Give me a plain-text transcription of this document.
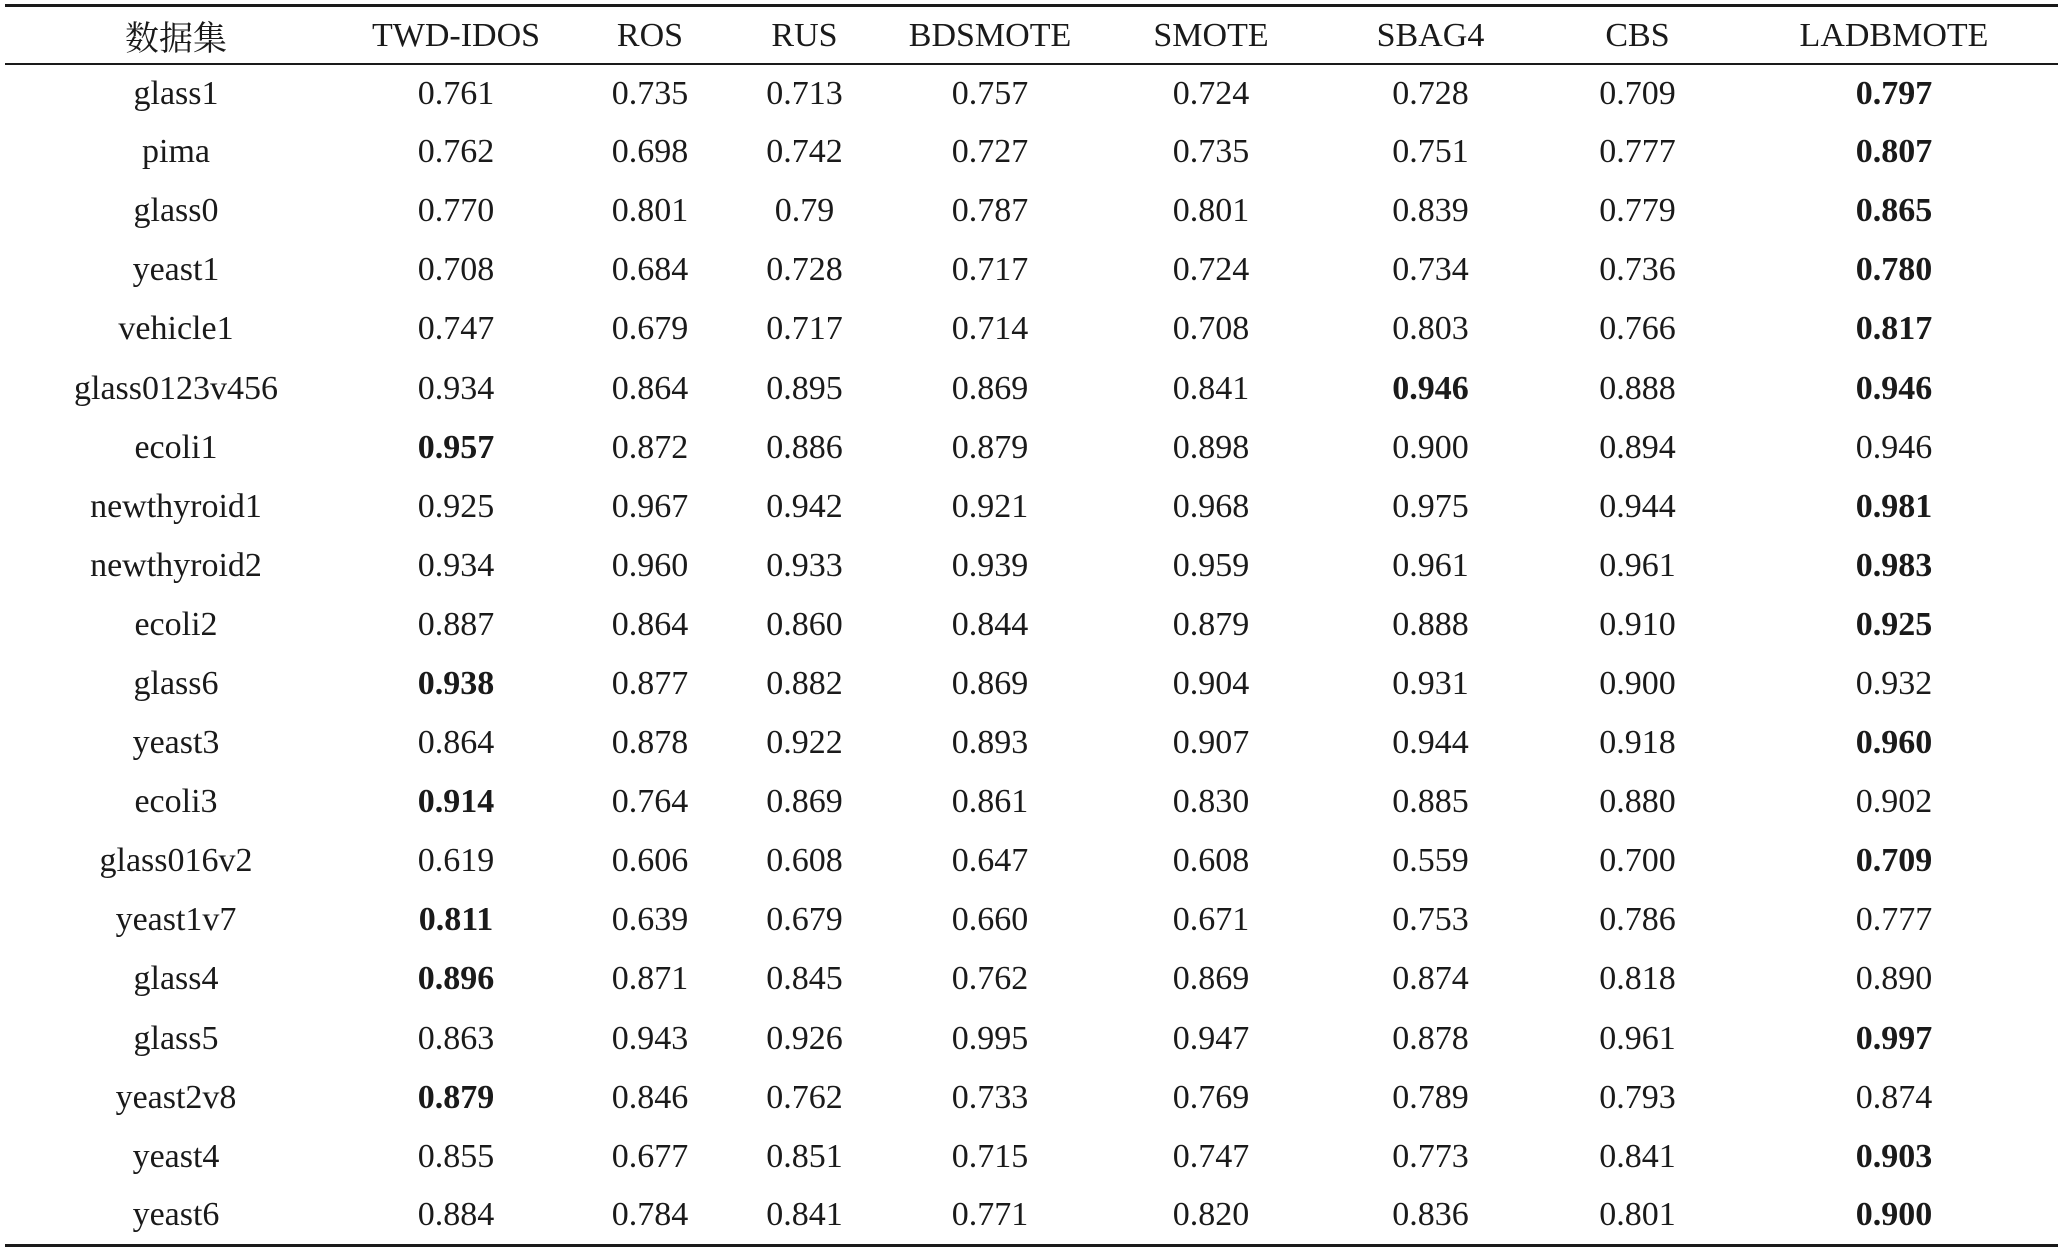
数据集	TWD-IDOS	ROS	RUS	BDSMOTE	SMOTE	SBAG4	CBS	LADBMOTE
glass1	0.761	0.735	0.713	0.757	0.724	0.728	0.709	0.797
pima	0.762	0.698	0.742	0.727	0.735	0.751	0.777	0.807
glass0	0.770	0.801	0.79	0.787	0.801	0.839	0.779	0.865
yeast1	0.708	0.684	0.728	0.717	0.724	0.734	0.736	0.780
vehicle1	0.747	0.679	0.717	0.714	0.708	0.803	0.766	0.817
glass0123v456	0.934	0.864	0.895	0.869	0.841	0.946	0.888	0.946
ecoli1	0.957	0.872	0.886	0.879	0.898	0.900	0.894	0.946
newthyroid1	0.925	0.967	0.942	0.921	0.968	0.975	0.944	0.981
newthyroid2	0.934	0.960	0.933	0.939	0.959	0.961	0.961	0.983
ecoli2	0.887	0.864	0.860	0.844	0.879	0.888	0.910	0.925
glass6	0.938	0.877	0.882	0.869	0.904	0.931	0.900	0.932
yeast3	0.864	0.878	0.922	0.893	0.907	0.944	0.918	0.960
ecoli3	0.914	0.764	0.869	0.861	0.830	0.885	0.880	0.902
glass016v2	0.619	0.606	0.608	0.647	0.608	0.559	0.700	0.709
yeast1v7	0.811	0.639	0.679	0.660	0.671	0.753	0.786	0.777
glass4	0.896	0.871	0.845	0.762	0.869	0.874	0.818	0.890
glass5	0.863	0.943	0.926	0.995	0.947	0.878	0.961	0.997
yeast2v8	0.879	0.846	0.762	0.733	0.769	0.789	0.793	0.874
yeast4	0.855	0.677	0.851	0.715	0.747	0.773	0.841	0.903
yeast6	0.884	0.784	0.841	0.771	0.820	0.836	0.801	0.900
